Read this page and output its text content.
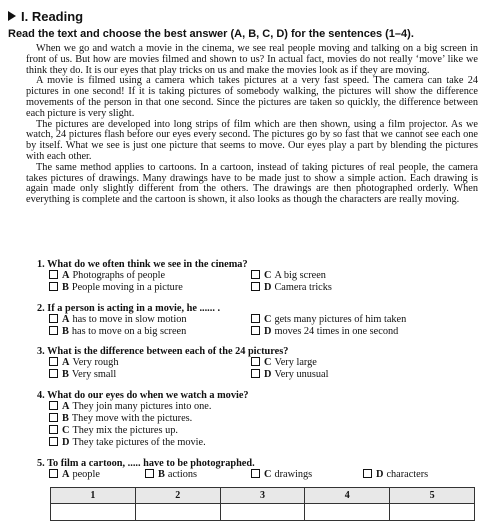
I. Reading
Read the text and choose the best answer (A, B, C, D) for the sentences (1–4).

When we go and watch a movie in the cinema, we see real people moving and talking on a big screen in front of us. But how are movies filmed and shown to us? In actual fact, movies do not really ‘move’ like we think they do. It is our eyes that play tricks on us and make the movies look as if they are moving.

A movie is filmed using a camera which takes pictures at a very fast speed. The camera can take 24 pictures in one second! If it is taking pictures of somebody walking, the pictures will show the difference movements of the person in that one second. Since the pictures are taken so quickly, the difference between each picture is very slight.

The pictures are developed into long strips of film which are then shown, using a film projector. As we watch, 24 pictures flash before our eyes every second. The pictures go by so fast that we cannot see each one by itself. What we see is just one picture that seems to move. Our eyes play a part by blending the pictures with each other.

The same method applies to cartoons. In a cartoon, instead of taking pictures of real people, the camera takes pictures of drawings. Many drawings have to be made just to show a simple action. Each drawing is again made only slightly different from the others. The drawings are then photographed orderly. When everything is complete and the cartoon is shown, it also looks as though the characters are really moving.

1. What do we often think we see in the cinema?
A Photographs of people	C A big screen
B People moving in a picture	D Camera tricks
2. If a person is acting in a movie, he ...... .
A has to move in slow motion	C gets many pictures of him taken
B has to move on a big screen	D moves 24 times in one second
3. What is the difference between each of the 24 pictures?
A Very rough	C Very large
B Very small	D Very unusual
4. What do our eyes do when we watch a movie?
A They join many pictures into one.
B They move with the pictures.
C They mix the pictures up.
D They take pictures of the movie.
5. To film a cartoon, ..... have to be photographed.
A people	B actions	C drawings	D characters
1	2	3	4	5
